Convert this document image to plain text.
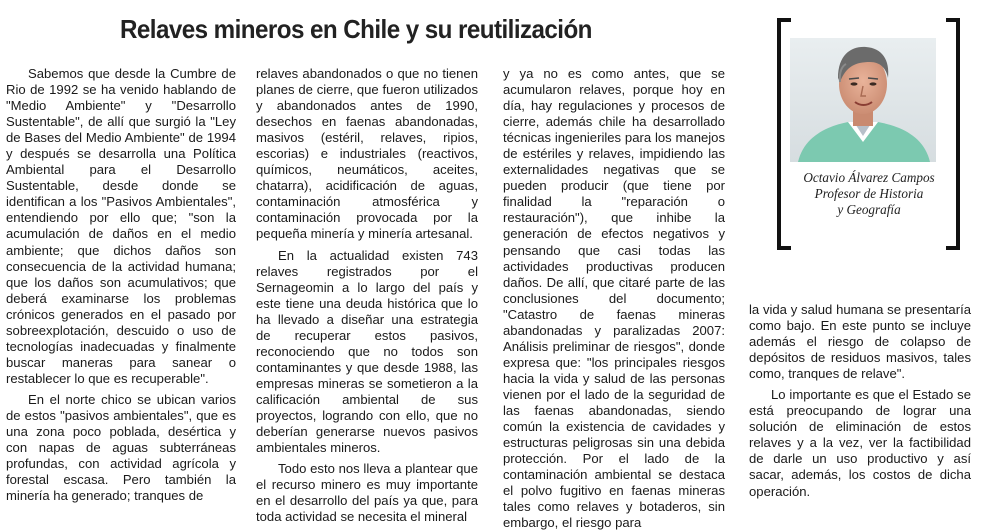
Relaves mineros en Chile y su reutilización

Sabemos que desde la Cumbre de Rio de 1992 se ha venido hablando de "Medio Ambiente" y "Desarrollo Sustentable", de allí que surgió la "Ley de Bases del Medio Ambiente" de 1994 y después se desarrolla una Política Ambiental para el Desarrollo Sustentable, desde donde se identifican a los "Pasivos Ambientales", entendiendo por ello que; "son la acumulación de daños en el medio ambiente; que dichos daños son consecuencia de la actividad humana; que los daños son acumulativos; que deberá examinarse los problemas crónicos generados en el pasado por sobreexplotación, descuido o uso de tecnologías inadecuadas y finalmente buscar maneras para sanear o restablecer lo que es recuperable".

En el norte chico se ubican varios de estos "pasivos ambientales", que es una zona poco poblada, desértica y con napas de aguas subterráneas profundas, con actividad agrícola y forestal escasa. Pero también la minería ha generado; tranques de

relaves abandonados o que no tienen planes de cierre, que fueron utilizados y abandonados antes de 1990, desechos en faenas abandonadas, masivos (estéril, relaves, ripios, escorias) e industriales (reactivos, químicos, neumáticos, aceites, chatarra), acidificación de aguas, contaminación atmosférica y contaminación provocada por la pequeña minería y minería artesanal.

En la actualidad existen 743 relaves registrados por el Sernageomin a lo largo del país y este tiene una deuda histórica que lo ha llevado a diseñar una estrategia de recuperar estos pasivos, reconociendo que no todos son contaminantes y que desde 1988, las empresas mineras se sometieron a la calificación ambiental de sus proyectos, logrando con ello, que no deberían generarse nuevos pasivos ambientales mineros.

Todo esto nos lleva a plantear que el recurso minero es muy importante en el desarrollo del país ya que, para toda actividad se necesita el mineral

y ya no es como antes, que se acumularon relaves, porque hoy en día, hay regulaciones y procesos de cierre, además chile ha desarrollado técnicas ingenieriles para los manejos de estériles y relaves, impidiendo las externalidades negativas que se pueden producir (que tiene por finalidad la "reparación o restauración"), que inhibe la generación de efectos negativos y pensando que casi todas las actividades productivas producen daños. De allí, que citaré parte de las conclusiones del documento; "Catastro de faenas mineras abandonadas y paralizadas 2007: Análisis preliminar de riesgos", donde expresa que: "los principales riesgos hacia la vida y salud de las personas vienen por el lado de la seguridad de las faenas abandonadas, siendo común la existencia de cavidades y estructuras peligrosas sin una debida protección. Por el lado de la contaminación ambiental se destaca el polvo fugitivo en faenas mineras tales como relaves y botaderos, sin embargo, el riesgo para

la vida y salud humana se presentaría como bajo. En este punto se incluye además el riesgo de colapso de depósitos de residuos masivos, tales como, tranques de relave".

Lo importante es que el Estado se está preocupando de lograr una solución de eliminación de estos relaves y a la vez, ver la factibilidad de darle un uso productivo y así sacar, además, los costos de dicha operación.

Octavio Álvarez Campos
Profesor de Historia
y Geografía
